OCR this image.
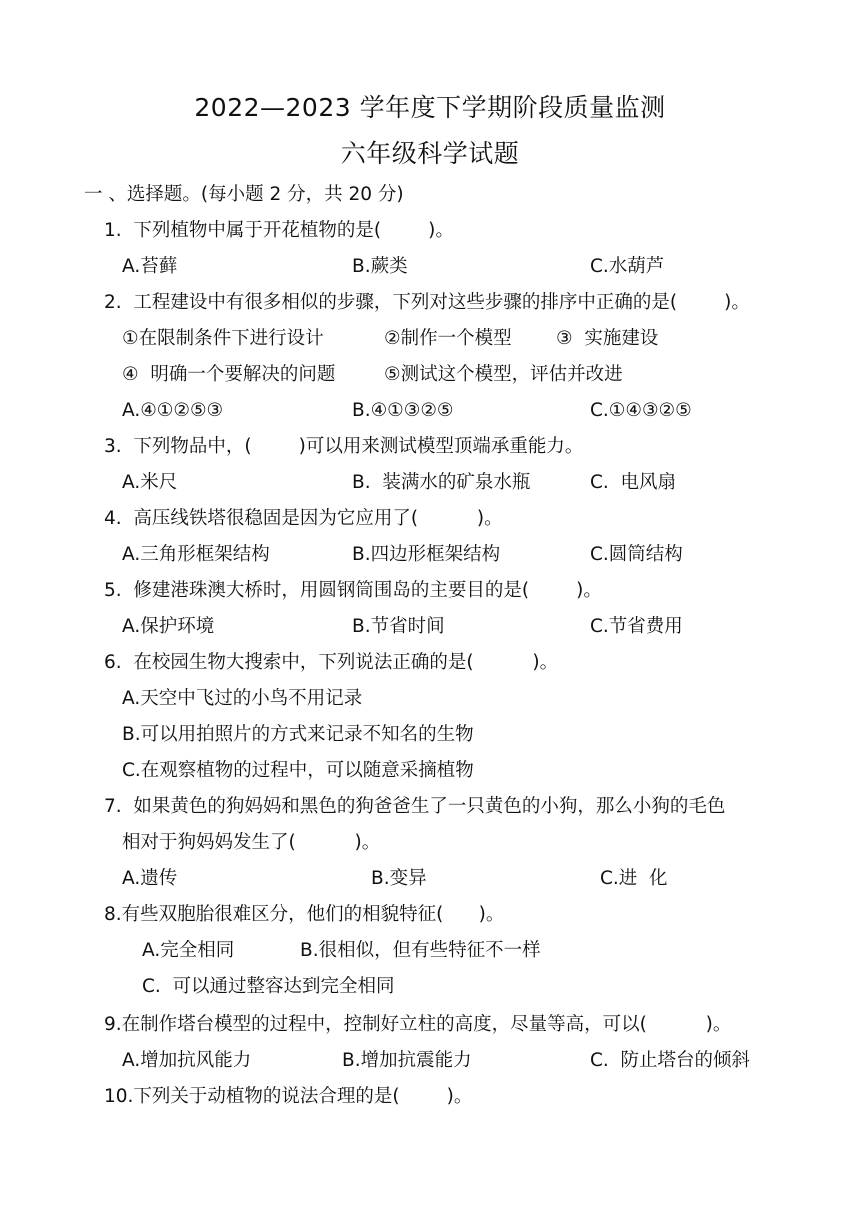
2022—2023 学年度下学期阶段质量监测
六年级科学试题
一 、选择题。(每小题 2 分，共 20 分)
1.  下列植物中属于开花植物的是(        )。
A.苔藓	B.蕨类	C.水葫芦
2.  工程建设中有很多相似的步骤，下列对这些步骤的排序中正确的是(        )。
①在限制条件下进行设计	②制作一个模型 ③  实施建设
④  明确一个要解决的问题	⑤测试这个模型，评估并改进
A.④①②⑤③	B.④①③②⑤	C.①④③②⑤
3.  下列物品中，(        )可以用来测试模型顶端承重能力。
A.米尺	B.  装满水的矿泉水瓶	C.  电风扇
4.  高压线铁塔很稳固是因为它应用了(          )。
A.三角形框架结构	B.四边形框架结构	C.圆筒结构
5.  修建港珠澳大桥时，用圆钢筒围岛的主要目的是(        )。
A.保护环境	B.节省时间	C.节省费用
6.  在校园生物大搜索中，下列说法正确的是(          )。
A.天空中飞过的小鸟不用记录
B.可以用拍照片的方式来记录不知名的生物
C.在观察植物的过程中，可以随意采摘植物
7.  如果黄色的狗妈妈和黑色的狗爸爸生了一只黄色的小狗，那么小狗的毛色
相对于狗妈妈发生了(          )。
A.遗传	B.变异	C.进  化
8.有些双胞胎很难区分，他们的相貌特征(      )。
A.完全相同	B.很相似，但有些特征不一样
C.  可以通过整容达到完全相同
9.在制作塔台模型的过程中，控制好立柱的高度，尽量等高，可以(          )。
A.增加抗风能力	B.增加抗震能力	C.  防止塔台的倾斜
10.下列关于动植物的说法合理的是(        )。
